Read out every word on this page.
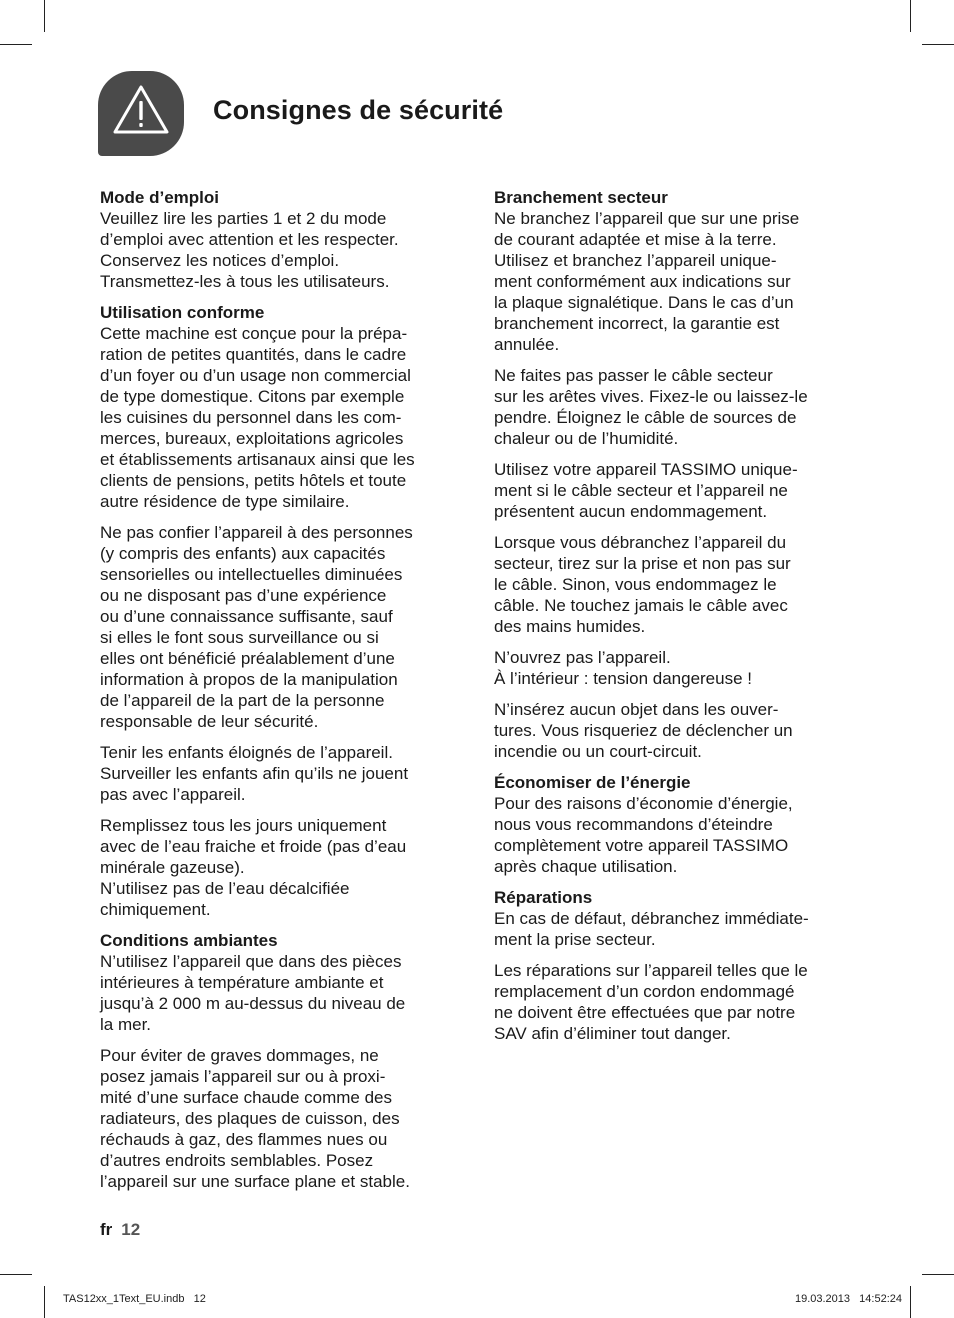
Consignes de sécurité
Mode d’emploi

Veuillez lire les parties 1 et 2 du mode
d’emploi avec attention et les respecter.
Conservez les notices d’emploi.
Transmettez-les à tous les utilisateurs.

Utilisation conforme

Cette machine est conçue pour la prépa-
ration de petites quantités, dans le cadre
d’un foyer ou d’un usage non commercial
de type domestique. Citons par exemple
les cuisines du personnel dans les com-
merces, bureaux, exploitations agricoles
et établissements artisanaux ainsi que les
clients de pensions, petits hôtels et toute
autre résidence de type similaire.

Ne pas confier l’appareil à des personnes
(y compris des enfants) aux capacités
sensorielles ou intellectuelles diminuées
ou ne disposant pas d’une expérience
ou d’une connaissance suffisante, sauf
si elles le font sous surveillance ou si
elles ont bénéficié préalablement d’une
information à propos de la manipulation
de l’appareil de la part de la personne
responsable de leur sécurité.

Tenir les enfants éloignés de l’appareil.
Surveiller les enfants afin qu’ils ne jouent
pas avec l’appareil.

Remplissez tous les jours uniquement
avec de l’eau fraiche et froide (pas d’eau
minérale gazeuse).
N’utilisez pas de l’eau décalcifiée
chimiquement.

Conditions ambiantes

N’utilisez l’appareil que dans des pièces
intérieures à température ambiante et
jusqu’à 2 000 m au-dessus du niveau de
la mer.

Pour éviter de graves dommages, ne
posez jamais l’appareil sur ou à proxi-
mité d’une surface chaude comme des
radiateurs, des plaques de cuisson, des
réchauds à gaz, des flammes nues ou
d’autres endroits semblables. Posez
l’appareil sur une surface plane et stable.

Branchement secteur

Ne branchez l’appareil que sur une prise
de courant adaptée et mise à la terre.
Utilisez et branchez l’appareil unique-
ment conformément aux indications sur
la plaque signalétique. Dans le cas d’un
branchement incorrect, la garantie est
annulée.

Ne faites pas passer le câble secteur
sur les arêtes vives. Fixez-le ou laissez-le
pendre. Éloignez le câble de sources de
chaleur ou de l’humidité.

Utilisez votre appareil TASSIMO unique-
ment si le câble secteur et l’appareil ne
présentent aucun endommagement.

Lorsque vous débranchez l’appareil du
secteur, tirez sur la prise et non pas sur
le câble. Sinon, vous endommagez le
câble. Ne touchez jamais le câble avec
des mains humides.

N’ouvrez pas l’appareil.
À l’intérieur : tension dangereuse !

N’insérez aucun objet dans les ouver-
tures. Vous risqueriez de déclencher un
incendie ou un court-circuit.

Économiser de l’énergie

Pour des raisons d’économie d’énergie,
nous vous recommandons d’éteindre
complètement votre appareil TASSIMO
après chaque utilisation.

Réparations

En cas de défaut, débranchez immédiate-
ment la prise secteur.

Les réparations sur l’appareil telles que le
remplacement d’un cordon endommagé
ne doivent être effectuées que par notre
SAV afin d’éliminer tout danger.

fr 12
TAS12xx_1Text_EU.indb   12	19.03.2013   14:52:24
